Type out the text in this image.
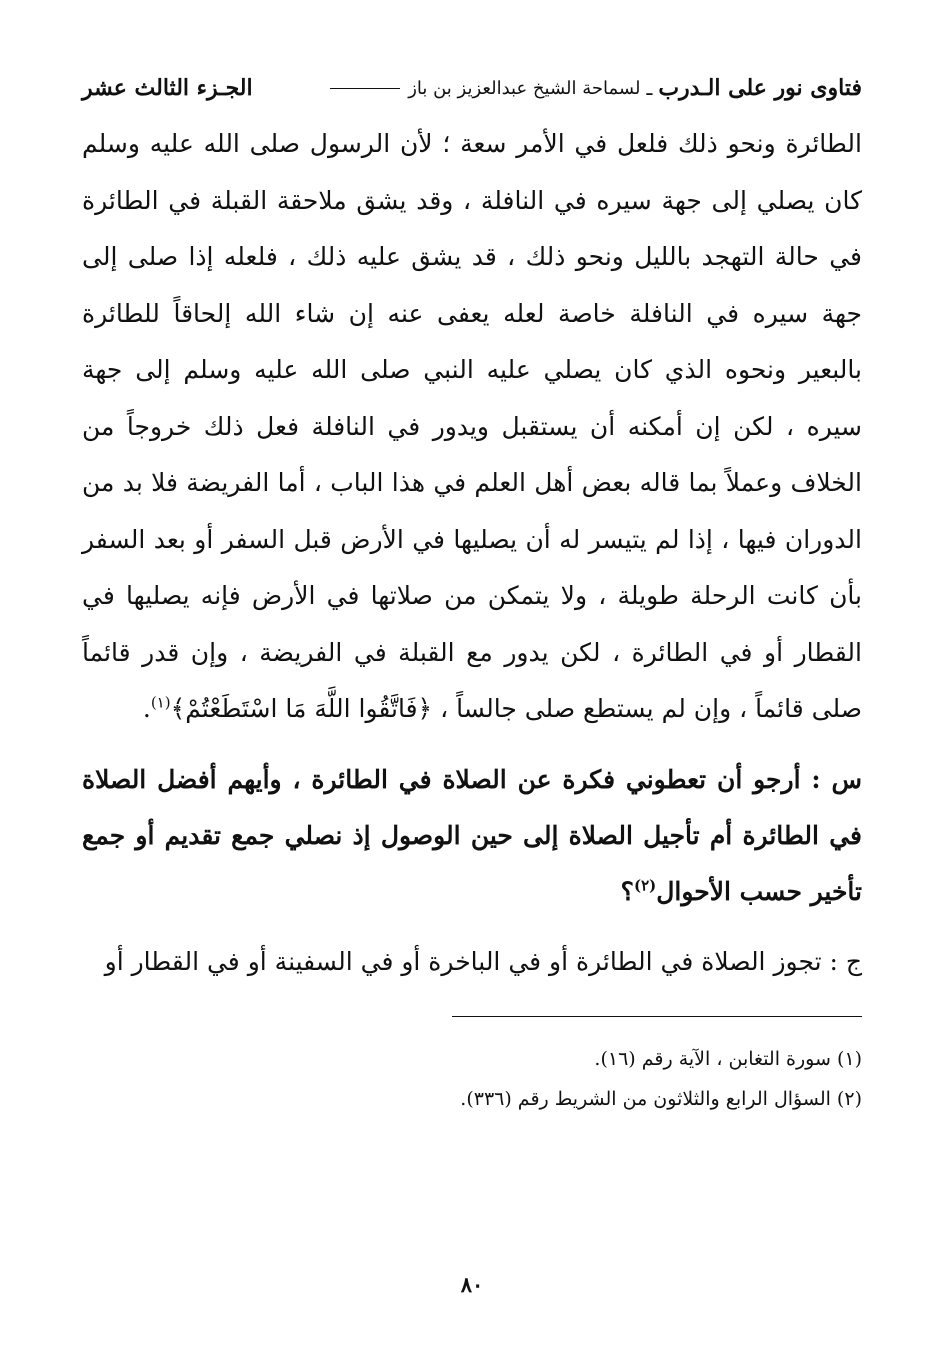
فتاوى نور على الـدرب
ـ
لسماحة الشيخ عبدالعزيز بن باز
الجـزء الثالث عشر
الطائرة ونحو ذلك فلعل في الأمر سعة ؛ لأن الرسول صلى الله عليه وسلم كان يصلي إلى جهة سيره في النافلة ، وقد يشق ملاحقة القبلة في الطائرة في حالة التهجد بالليل ونحو ذلك ، قد يشق عليه ذلك ، فلعله إذا صلى إلى جهة سيره في النافلة خاصة لعله يعفى عنه إن شاء الله إلحاقاً للطائرة بالبعير ونحوه الذي كان يصلي عليه النبي صلى الله عليه وسلم إلى جهة سيره ، لكن إن أمكنه أن يستقبل ويدور في النافلة فعل ذلك خروجاً من الخلاف وعملاً بما قاله بعض أهل العلم في هذا الباب ، أما الفريضة فلا بد من الدوران فيها ، إذا لم يتيسر له أن يصليها في الأرض قبل السفر أو بعد السفر بأن كانت الرحلة طويلة ، ولا يتمكن من صلاتها في الأرض فإنه يصليها في القطار أو في الطائرة ، لكن يدور مع القبلة في الفريضة ، وإن قدر قائماً صلى قائماً ، وإن لم يستطع صلى جالساً ، ﴿فَاتَّقُوا اللَّهَ مَا اسْتَطَعْتُمْ﴾$^{(١)}$.
س : أرجو أن تعطوني فكرة عن الصلاة في الطائرة ، وأيهم أفضل الصلاة في الطائرة أم تأجيل الصلاة إلى حين الوصول إذ نصلي جمع تقديم أو جمع تأخير حسب الأحوال$^{(٢)}$؟
ج : تجوز الصلاة في الطائرة أو في الباخرة أو في السفينة أو في القطار أو
(١) سورة التغابن ، الآية رقم (١٦).
(٢) السؤال الرابع والثلاثون من الشريط رقم (٣٣٦).
٨٠
